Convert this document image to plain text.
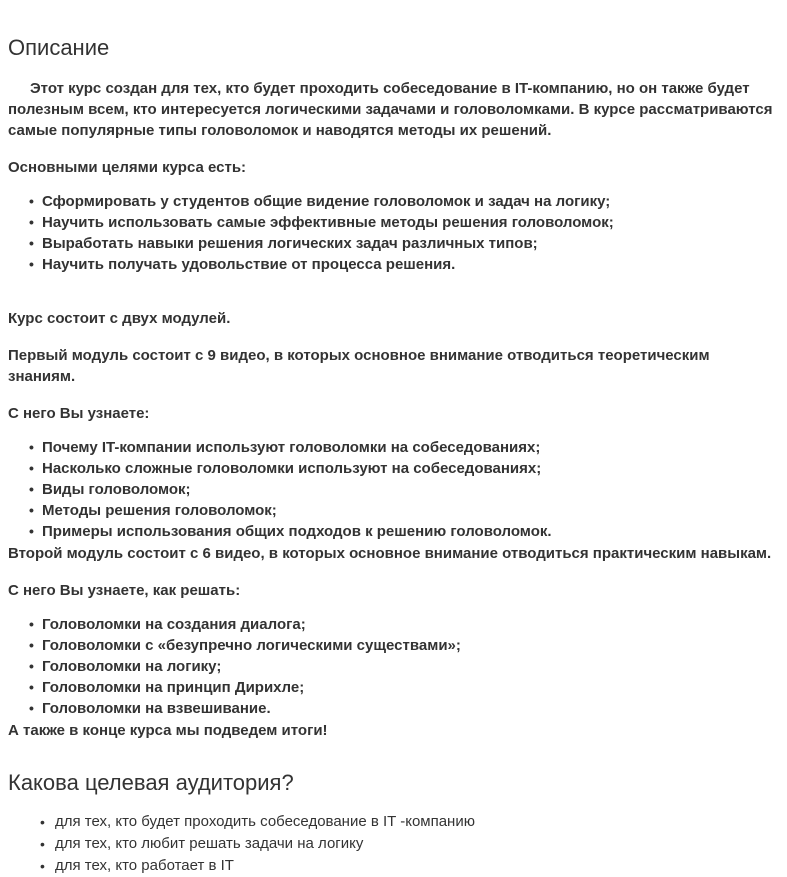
Описание

Этот курс создан для тех, кто будет проходить собеседование в IT-компанию, но он также будет полезным всем, кто интересуется логическими задачами и головоломками. В курсе рассматриваются самые популярные типы головоломок и наводятся методы их решений.

Основными целями курса есть:

• Сформировать у студентов общие видение головоломок и задач на логику;
• Научить использовать самые эффективные методы решения головоломок;
• Выработать навыки решения логических задач различных типов;
• Научить получать удовольствие от процесса решения.

Курс состоит с двух модулей.

Первый модуль состоит с 9 видео, в которых основное внимание отводиться теоретическим знаниям.

С него Вы узнаете:

• Почему IT-компании используют головоломки на собеседованиях;
• Насколько сложные головоломки используют на собеседованиях;
• Виды головоломок;
• Методы решения головоломок;
• Примеры использования общих подходов к решению головоломок.

Второй модуль состоит с 6 видео, в которых основное внимание отводиться практическим навыкам.

С него Вы узнаете, как решать:

• Головоломки на создания диалога;
• Головоломки с «безупречно логическими существами»;
• Головоломки на логику;
• Головоломки на принцип Дирихле;
• Головоломки на взвешивание.

А также в конце курса мы подведем итоги!

Какова целевая аудитория?
• для тех, кто будет проходить собеседование в IT -компанию
• для тех, кто любит решать задачи на логику
• для тех, кто работает в IT
